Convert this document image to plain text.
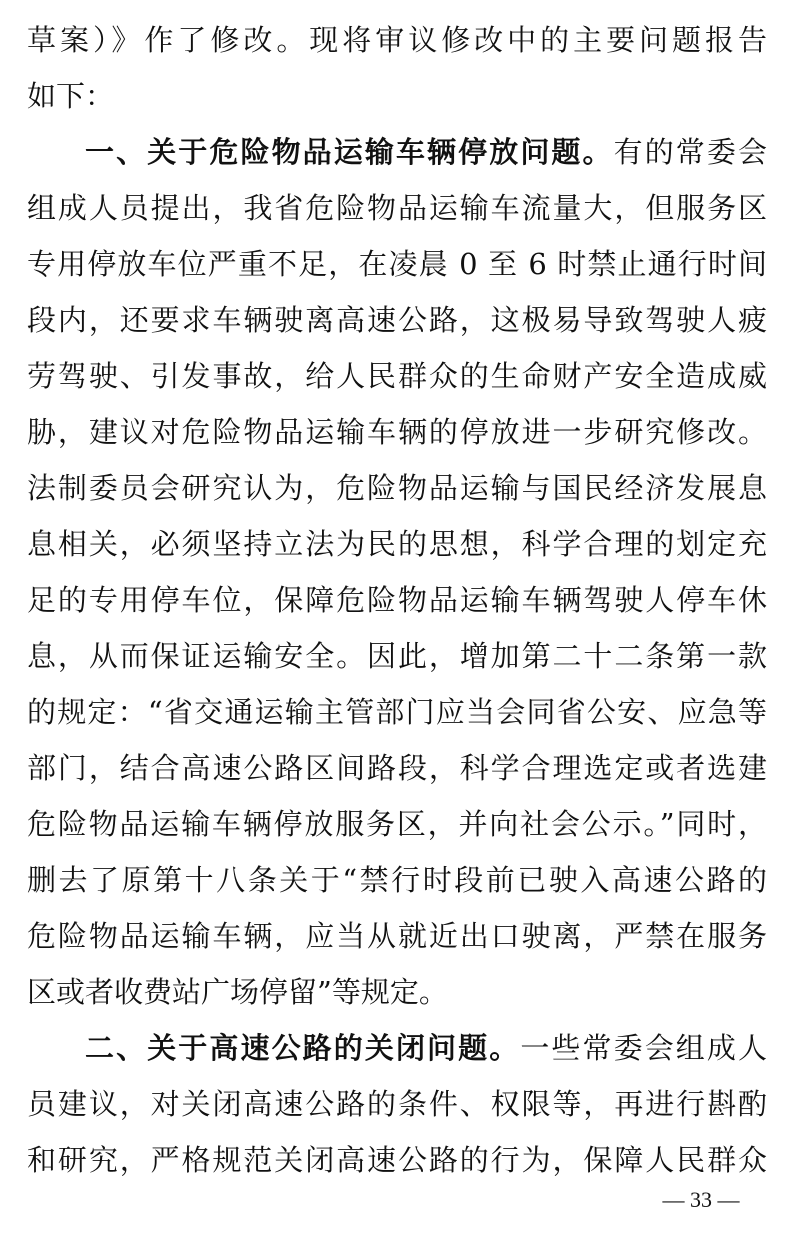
草案）》作了修改。现将审议修改中的主要问题报告
如下：
一、关于危险物品运输车辆停放问题。有的常委会
组成人员提出，我省危险物品运输车流量大，但服务区
专用停放车位严重不足，在凌晨 0 至 6 时禁止通行时间
段内，还要求车辆驶离高速公路，这极易导致驾驶人疲
劳驾驶、引发事故，给人民群众的生命财产安全造成威
胁，建议对危险物品运输车辆的停放进一步研究修改。
法制委员会研究认为，危险物品运输与国民经济发展息
息相关，必须坚持立法为民的思想，科学合理的划定充
足的专用停车位，保障危险物品运输车辆驾驶人停车休
息，从而保证运输安全。因此，增加第二十二条第一款
的规定：“省交通运输主管部门应当会同省公安、应急等
部门，结合高速公路区间路段，科学合理选定或者选建
危险物品运输车辆停放服务区，并向社会公示。”同时，
删去了原第十八条关于“禁行时段前已驶入高速公路的
危险物品运输车辆，应当从就近出口驶离，严禁在服务
区或者收费站广场停留”等规定。
二、关于高速公路的关闭问题。一些常委会组成人
员建议，对关闭高速公路的条件、权限等，再进行斟酌
和研究，严格规范关闭高速公路的行为，保障人民群众
— 33 —
